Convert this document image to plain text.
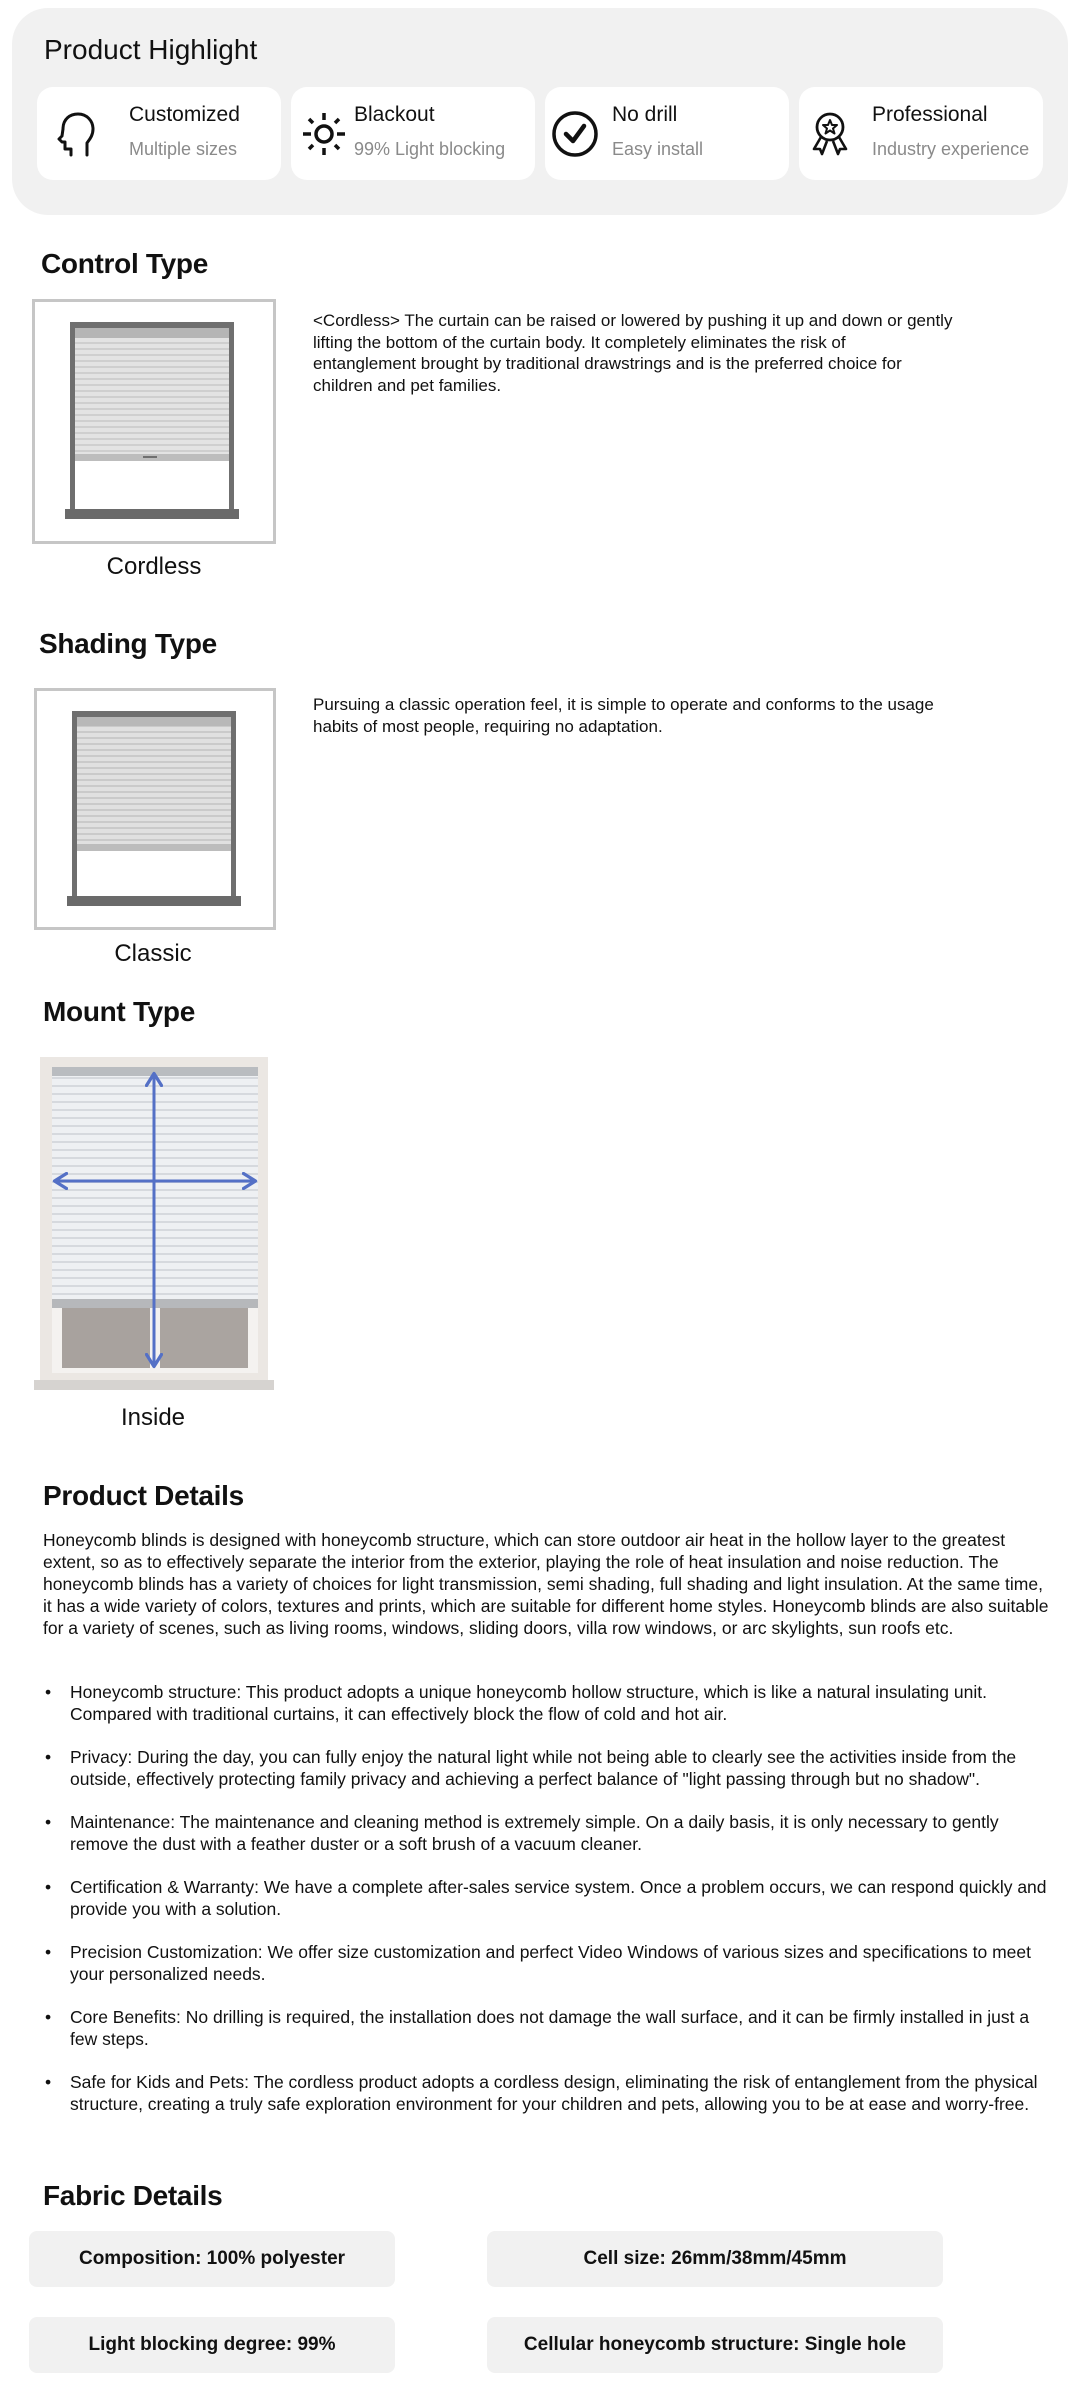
Product Highlight
Customized
Multiple sizes
Blackout
99% Light blocking
No drill
Easy install
Professional
Industry experience
Control Type
Cordless
<Cordless> The curtain can be raised or lowered by pushing it up and down or gently lifting the bottom of the curtain body. It completely eliminates the risk of entanglement brought by traditional drawstrings and is the preferred choice for children and pet families.
Shading Type
Classic
Pursuing a classic operation feel, it is simple to operate and conforms to the usage habits of most people, requiring no adaptation.
Mount Type
Inside
Product Details
Honeycomb blinds is designed with honeycomb structure, which can store outdoor air heat in the hollow layer to the greatest extent, so as to effectively separate the interior from the exterior, playing the role of heat insulation and noise reduction. The honeycomb blinds has a variety of choices for light transmission, semi shading, full shading and light insulation. At the same time, it has a wide variety of colors, textures and prints, which are suitable for different home styles. Honeycomb blinds are also suitable for a variety of scenes, such as living rooms, windows, sliding doors, villa row windows, or arc skylights, sun roofs etc.
• Honeycomb structure: This product adopts a unique honeycomb hollow structure, which is like a natural insulating unit. Compared with traditional curtains, it can effectively block the flow of cold and hot air.
• Privacy: During the day, you can fully enjoy the natural light while not being able to clearly see the activities inside from the outside, effectively protecting family privacy and achieving a perfect balance of "light passing through but no shadow".
• Maintenance: The maintenance and cleaning method is extremely simple. On a daily basis, it is only necessary to gently remove the dust with a feather duster or a soft brush of a vacuum cleaner.
• Certification & Warranty: We have a complete after-sales service system. Once a problem occurs, we can respond quickly and provide you with a solution.
• Precision Customization: We offer size customization and perfect Video Windows of various sizes and specifications to meet your personalized needs.
• Core Benefits: No drilling is required, the installation does not damage the wall surface, and it can be firmly installed in just a few steps.
• Safe for Kids and Pets: The cordless product adopts a cordless design, eliminating the risk of entanglement from the physical structure, creating a truly safe exploration environment for your children and pets, allowing you to be at ease and worry-free.
Fabric Details
Composition: 100% polyester	Cell size: 26mm/38mm/45mm
Light blocking degree: 99%	Cellular honeycomb structure: Single hole
